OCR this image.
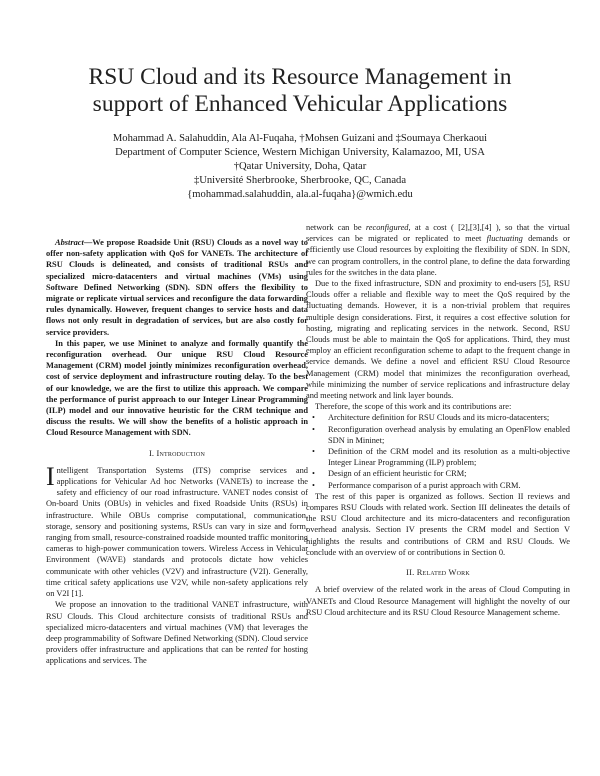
RSU Cloud and its Resource Management in
support of Enhanced Vehicular Applications
Mohammad A. Salahuddin, Ala Al-Fuqaha, †Mohsen Guizani and ‡Soumaya Cherkaoui
Department of Computer Science, Western Michigan University, Kalamazoo, MI, USA
†Qatar University, Doha, Qatar
‡Université Sherbrooke, Sherbrooke, QC, Canada
{mohammad.salahuddin, ala.al-fuqaha}@wmich.edu

Abstract—We propose Roadside Unit (RSU) Clouds as a novel way to offer non-safety application with QoS for VANETs. The architecture of RSU Clouds is delineated, and consists of traditional RSUs and specialized micro-datacenters and virtual machines (VMs) using Software Defined Networking (SDN). SDN offers the flexibility to migrate or replicate virtual services and reconfigure the data forwarding rules dynamically. However, frequent changes to service hosts and data flows not only result in degradation of services, but are also costly for service providers.

In this paper, we use Mininet to analyze and formally quantify the reconfiguration overhead. Our unique RSU Cloud Resource Management (CRM) model jointly minimizes reconfiguration overhead, cost of service deployment and infrastructure routing delay. To the best of our knowledge, we are the first to utilize this approach. We compare the performance of purist approach to our Integer Linear Programming (ILP) model and our innovative heuristic for the CRM technique and discuss the results. We will show the benefits of a holistic approach in Cloud Resource Management with SDN.

I. Introduction

Intelligent Transportation Systems (ITS) comprise services and applications for Vehicular Ad hoc Networks (VANETs) to increase the safety and efficiency of our road infrastructure. VANET nodes consist of On-board Units (OBUs) in vehicles and fixed Roadside Units (RSUs) in infrastructure. While OBUs comprise computational, communication, storage, sensory and positioning systems, RSUs can vary in size and form, ranging from small, resource-constrained roadside mounted traffic monitoring cameras to high-power communication towers. Wireless Access in Vehicular Environment (WAVE) standards and protocols dictate how vehicles communicate with other vehicles (V2V) and infrastructure (V2I). Generally, time critical safety applications use V2V, while non-safety applications rely on V2I [1].

We propose an innovation to the traditional VANET infrastructure, with RSU Clouds. This Cloud architecture consists of traditional RSUs and specialized micro-datacenters and virtual machines (VM) that leverages the deep programmability of Software Defined Networking (SDN). Cloud service providers offer infrastructure and applications that can be rented for hosting applications and services. The

network can be reconfigured, at a cost ( [2],[3],[4] ), so that the virtual services can be migrated or replicated to meet fluctuating demands or efficiently use Cloud resources by exploiting the flexibility of SDN. In SDN, we can program controllers, in the control plane, to define the data forwarding rules for the switches in the data plane.

Due to the fixed infrastructure, SDN and proximity to end-users [5], RSU Clouds offer a reliable and flexible way to meet the QoS required by the fluctuating demands. However, it is a non-trivial problem that requires multiple design considerations. First, it requires a cost effective solution for hosting, migrating and replicating services in the network. Second, RSU Clouds must be able to maintain the QoS for applications. Third, they must employ an efficient reconfiguration scheme to adapt to the frequent change in service demands. We define a novel and efficient RSU Cloud Resource Management (CRM) model that minimizes the reconfiguration overhead, while minimizing the number of service replications and infrastructure delay and meeting network and link layer bounds.

Therefore, the scope of this work and its contributions are:

• Architecture definition for RSU Clouds and its micro-datacenters;
• Reconfiguration overhead analysis by emulating an OpenFlow enabled SDN in Mininet;
• Definition of the CRM model and its resolution as a multi-objective Integer Linear Programming (ILP) problem;
• Design of an efficient heuristic for CRM;
• Performance comparison of a purist approach with CRM.

The rest of this paper is organized as follows. Section II reviews and compares RSU Clouds with related work. Section III delineates the details of the RSU Cloud architecture and its micro-datacenters and reconfiguration overhead analysis. Section IV presents the CRM model and Section V highlights the results and contributions of CRM and RSU Clouds. We conclude with an overview of or contributions in Section 0.

II. Related Work

A brief overview of the related work in the areas of Cloud Computing in VANETs and Cloud Resource Management will highlight the novelty of our RSU Cloud architecture and its RSU Cloud Resource Management scheme.
